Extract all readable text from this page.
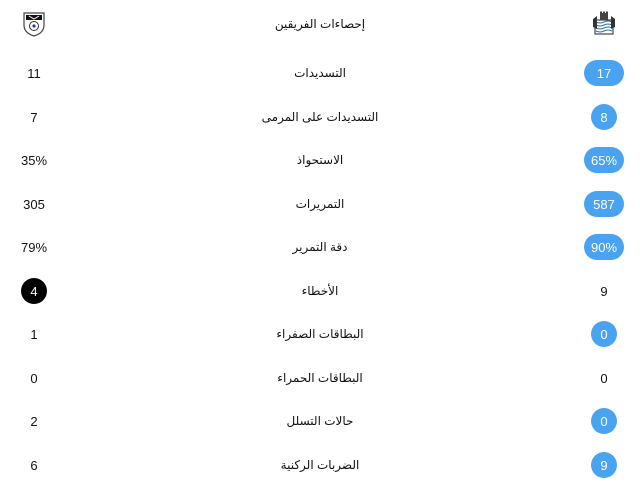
إحصاءات الفريقين
11	التسديدات	17
7	التسديدات على المرمى	8
35%	الاستحواذ	65%
305	التمريرات	587
79%	دقة التمرير	90%
4	الأخطاء	9
1	البطاقات الصفراء	0
0	البطاقات الحمراء	0
2	حالات التسلل	0
6	الضربات الركنية	9
